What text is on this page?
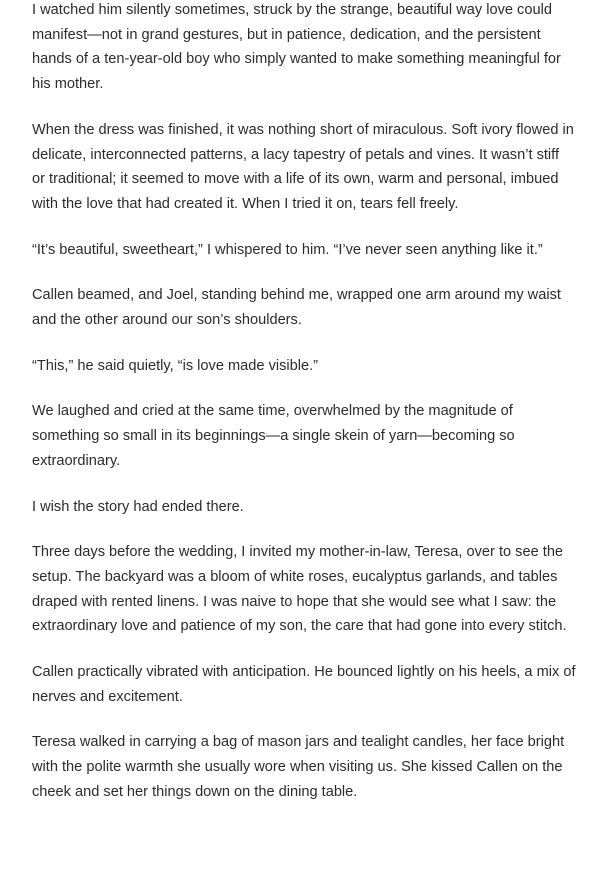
I watched him silently sometimes, struck by the strange, beautiful way love could manifest—not in grand gestures, but in patience, dedication, and the persistent hands of a ten-year-old boy who simply wanted to make something meaningful for his mother.

When the dress was finished, it was nothing short of miraculous. Soft ivory flowed in delicate, interconnected patterns, a lacy tapestry of petals and vines. It wasn’t stiff or traditional; it seemed to move with a life of its own, warm and personal, imbued with the love that had created it. When I tried it on, tears fell freely.

“It’s beautiful, sweetheart,” I whispered to him. “I’ve never seen anything like it.”

Callen beamed, and Joel, standing behind me, wrapped one arm around my waist and the other around our son’s shoulders.

“This,” he said quietly, “is love made visible.”

We laughed and cried at the same time, overwhelmed by the magnitude of something so small in its beginnings—a single skein of yarn—becoming so extraordinary.

I wish the story had ended there.

Three days before the wedding, I invited my mother-in-law, Teresa, over to see the setup. The backyard was a bloom of white roses, eucalyptus garlands, and tables draped with rented linens. I was naive to hope that she would see what I saw: the extraordinary love and patience of my son, the care that had gone into every stitch.

Callen practically vibrated with anticipation. He bounced lightly on his heels, a mix of nerves and excitement.

Teresa walked in carrying a bag of mason jars and tealight candles, her face bright with the polite warmth she usually wore when visiting us. She kissed Callen on the cheek and set her things down on the dining table.
